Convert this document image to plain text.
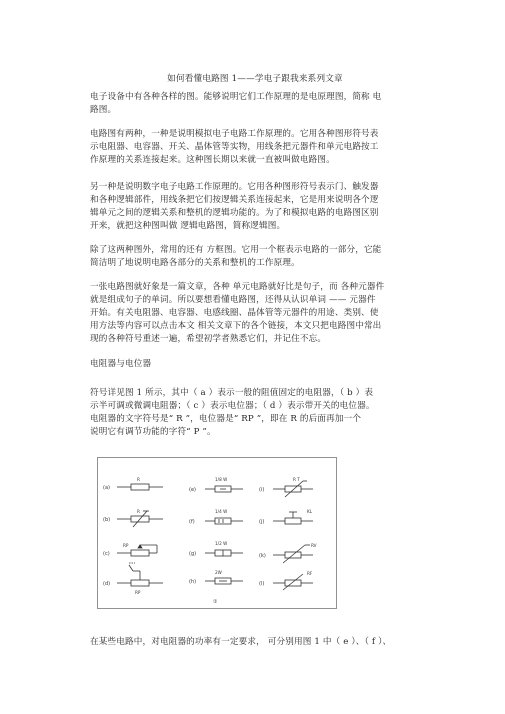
如何看懂电路图 1——学电子跟我来系列文章
电子设备中有各种各样的图。能够说明它们工作原理的是电原理图，简称 电
路图。
电路图有两种，一种是说明模拟电子电路工作原理的。它用各种图形符号表
示电阻器、电容器、开关、晶体管等实物，用线条把元器件和单元电路按工
作原理的关系连接起来。这种图长期以来就一直被叫做电路图。
另一种是说明数字电子电路工作原理的。它用各种图形符号表示门、触发器
和各种逻辑部件，用线条把它们按逻辑关系连接起来，它是用来说明各个逻
辑单元之间的逻辑关系和整机的逻辑功能的。为了和模拟电路的电路图区别
开来，就把这种图叫做 逻辑电路图，简称逻辑图。
除了这两种图外，常用的还有 方框图。它用一个框表示电路的一部分，它能
简洁明了地说明电路各部分的关系和整机的工作原理。
一张电路图就好象是一篇文章，各种 单元电路就好比是句子，而 各种元器件
就是组成句子的单词。所以要想看懂电路图，还得从认识单词 —— 元器件
开始。有关电阻器、电容器、电感线圈、晶体管等元器件的用途、类别、使
用方法等内容可以点击本文 相关文章下的各个链接，本文只把电路图中常出
现的各种符号重述一遍，希望初学者熟悉它们，并记住不忘。
电阻器与电位器
符号详见图 1 所示，其中（ a ）表示一般的阻值固定的电阻器，（ b ）表
示半可调或微调电阻器；（ c ）表示电位器；（ d ）表示带开关的电位器。
电阻器的文字符号是“ R ”，电位器是“ RP ”，即在 R 的后面再加一个
说明它有调节功能的字符“ P ”。
(a)
(b)
(c)
(d)
R
R
RP
RP
(e)
(f)
(g)
(h)
1/8 W
1/4 W
1/2 W
2W
(i)
(j)
(k)
(l)
R T
KL
RV
RF
①
在某些电路中，对电阻器的功率有一定要求， 可分别用图 1 中（ e ）、（ f ）、
